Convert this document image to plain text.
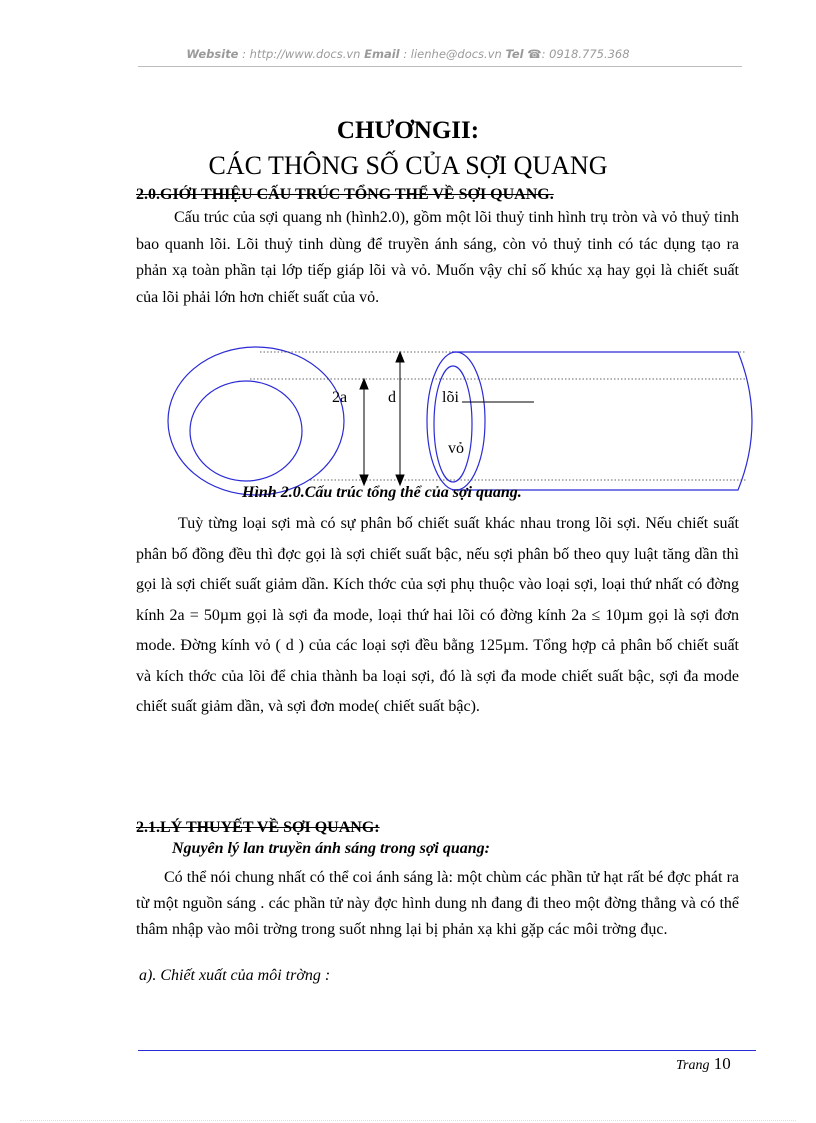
Website : http://www.docs.vn Email : lienhe@docs.vn Tel ☎: 0918.775.368
CHƯƠNGII:
CÁC THÔNG SỐ CỦA SỢI QUANG
2.0.GIỚI THIỆU CẤU TRÚC TỔNG THỂ VỀ SỢI QUANG.

Cấu trúc của sợi quang nh (hình2.0), gồm một lõi thuỷ tinh hình trụ tròn và vỏ thuỷ tinh bao quanh lõi. Lõi thuỷ tinh dùng để truyền ánh sáng, còn vỏ thuỷ tinh có tác dụng tạo ra phản xạ toàn phần tại lớp tiếp giáp lõi và vỏ. Muốn vậy chỉ số khúc xạ hay gọi là chiết suất của lõi phải lớn hơn chiết suất của vỏ.

2a	d	lõi
vỏ
Hình 2.0.Cấu trúc tổng thể của sợi quang.

Tuỳ từng loại sợi mà có sự phân bố chiết suất khác nhau trong lõi sợi. Nếu chiết suất phân bố đồng đều thì đợc gọi là sợi chiết suất bậc, nếu sợi phân bố theo quy luật tăng dần thì gọi là sợi chiết suất giảm dần. Kích thớc của sợi phụ thuộc vào loại sợi, loại thứ nhất có đờng kính 2a = 50µm gọi là sợi đa mode, loại thứ hai lõi có đờng kính 2a ≤ 10µm gọi là sợi đơn mode. Đờng kính vỏ ( d ) của các loại sợi đều bằng 125µm. Tổng hợp cả phân bố chiết suất và kích thớc của lõi để chia thành ba loại sợi, đó là sợi đa mode chiết suất bậc, sợi đa mode chiết suất giảm dần, và sợi đơn mode( chiết suất bậc).

2.1.LÝ THUYẾT VỀ SỢI QUANG:
Nguyên lý lan truyền ánh sáng trong sợi quang:

Có thể nói chung nhất có thể coi ánh sáng là: một chùm các phần tử hạt rất bé đợc phát ra từ một nguồn sáng . các phần tử này đợc hình dung nh đang đi theo một đờng thẳng và có thể thâm nhập vào môi trờng trong suốt nhng lại bị phản xạ khi gặp các môi trờng đục.

a). Chiết xuất của môi trờng :
Trang 10
